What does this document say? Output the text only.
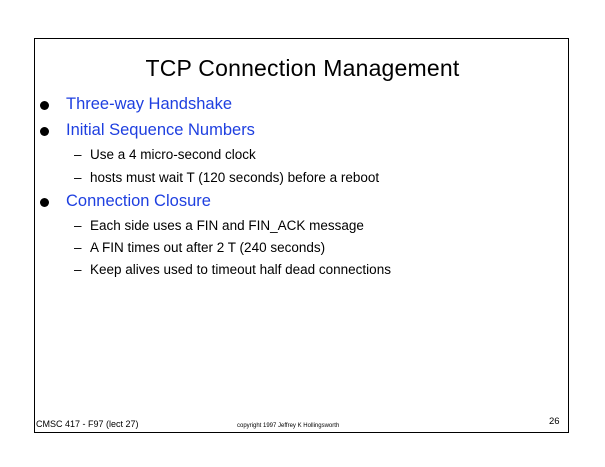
TCP Connection Management
Three-way Handshake
Initial Sequence Numbers
– Use a 4 micro-second clock
– hosts must wait T (120 seconds) before a reboot
Connection Closure
– Each side uses a FIN and FIN_ACK message
– A FIN times out after 2 T (240 seconds)
– Keep alives used to timeout half dead connections
CMSC 417 - F97 (lect 27)	copyright 1997 Jeffrey K Hollingsworth	26
